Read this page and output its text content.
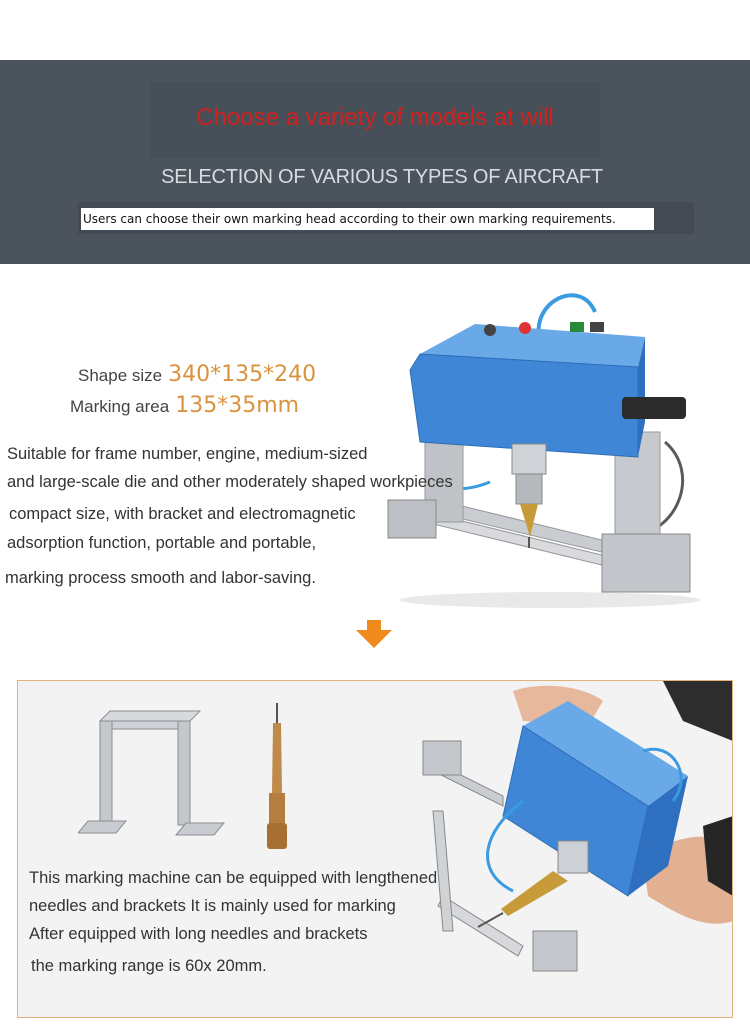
Choose a variety of models at will
SELECTION OF VARIOUS TYPES OF AIRCRAFT
Users can choose their own marking head according to their own marking requirements.
Shape size 340*135*240
Marking area 135*35mm
Suitable for frame number, engine, medium-sized
and large-scale die and other moderately shaped workpieces
compact size, with bracket and electromagnetic
adsorption function, portable and portable,
marking process smooth and labor-saving.
This marking machine can be equipped with lengthened
needles and brackets It is mainly used for marking
After equipped with long needles and brackets
the marking range is 60x 20mm.
